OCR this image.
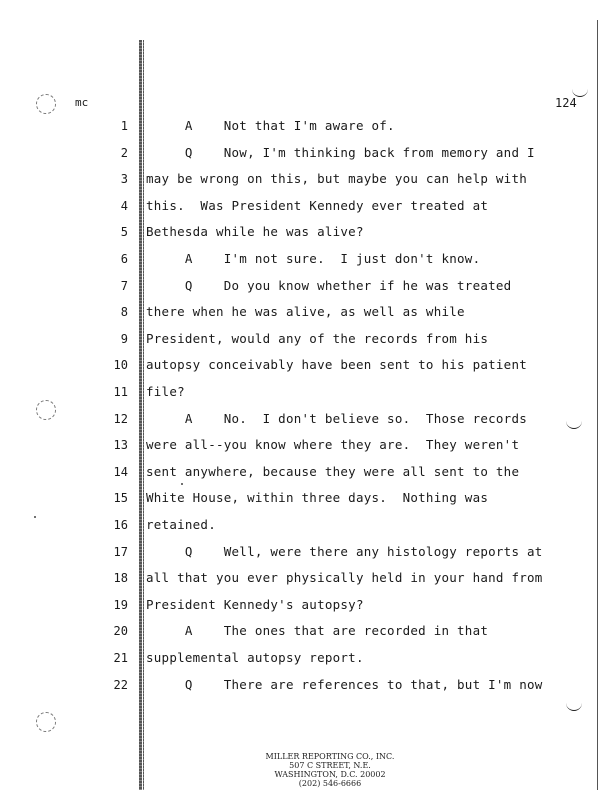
mc	124
1 A    Not that I'm aware of.
2 Q    Now, I'm thinking back from memory and I
3 may be wrong on this, but maybe you can help with
4 this.  Was President Kennedy ever treated at
5 Bethesda while he was alive?
6 A    I'm not sure.  I just don't know.
7 Q    Do you know whether if he was treated
8 there when he was alive, as well as while
9 President, would any of the records from his
10 autopsy conceivably have been sent to his patient
11 file?
12 A    No.  I don't believe so.  Those records
13 were all--you know where they are.  They weren't
14 sent anywhere, because they were all sent to the
15 White House, within three days.  Nothing was
16 retained.
17 Q    Well, were there any histology reports at
18 all that you ever physically held in your hand from
19 President Kennedy's autopsy?
20 A    The ones that are recorded in that
21 supplemental autopsy report.
22 Q    There are references to that, but I'm now
MILLER REPORTING CO., INC.
507 C STREET, N.E.
WASHINGTON, D.C. 20002
(202) 546-6666
